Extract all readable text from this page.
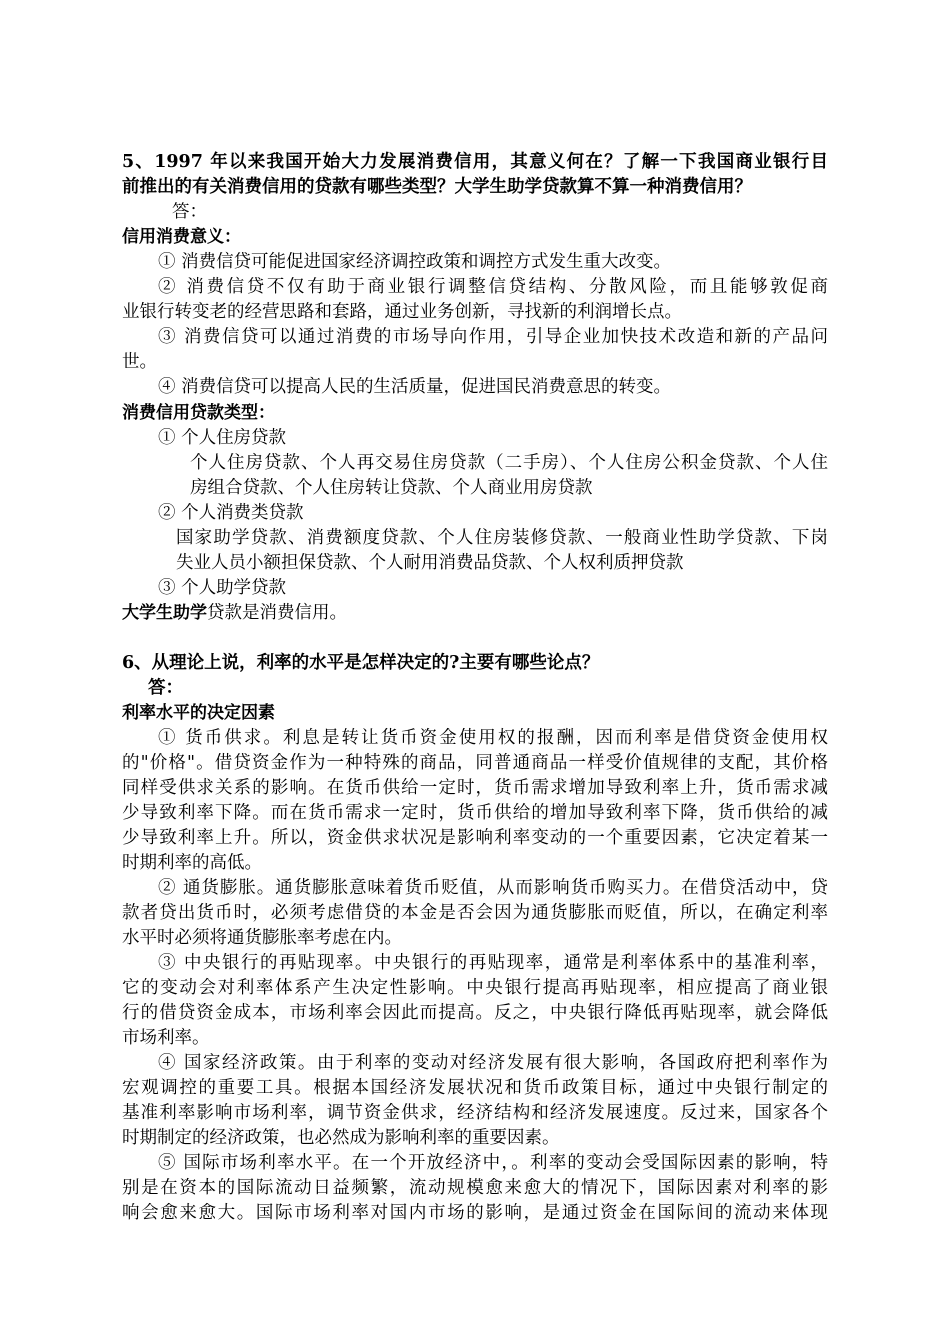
5、1997 年以来我国开始大力发展消费信用，其意义何在？了解一下我国商业银行目
前推出的有关消费信用的贷款有哪些类型？大学生助学贷款算不算一种消费信用？
答：
信用消费意义：
① 消费信贷可能促进国家经济调控政策和调控方式发生重大改变。
② 消费信贷不仅有助于商业银行调整信贷结构、分散风险，而且能够敦促商
业银行转变老的经营思路和套路，通过业务创新，寻找新的利润增长点。
③ 消费信贷可以通过消费的市场导向作用，引导企业加快技术改造和新的产品问
世。
④ 消费信贷可以提高人民的生活质量，促进国民消费意思的转变。
消费信用贷款类型：
① 个人住房贷款
个人住房贷款、个人再交易住房贷款（二手房）、个人住房公积金贷款、个人住
房组合贷款、个人住房转让贷款、个人商业用房贷款
② 个人消费类贷款
国家助学贷款、消费额度贷款、个人住房装修贷款、一般商业性助学贷款、下岗
失业人员小额担保贷款、个人耐用消费品贷款、个人权利质押贷款
③ 个人助学贷款
大学生助学贷款是消费信用。
6、从理论上说，利率的水平是怎样决定的?主要有哪些论点？
答：
利率水平的决定因素
① 货币供求。利息是转让货币资金使用权的报酬，因而利率是借贷资金使用权
的"价格"。借贷资金作为一种特殊的商品，同普通商品一样受价值规律的支配，其价格
同样受供求关系的影响。在货币供给一定时，货币需求增加导致利率上升，货币需求减
少导致利率下降。而在货币需求一定时，货币供给的增加导致利率下降，货币供给的减
少导致利率上升。所以，资金供求状况是影响利率变动的一个重要因素，它决定着某一
时期利率的高低。
② 通货膨胀。通货膨胀意味着货币贬值，从而影响货币购买力。在借贷活动中，贷
款者贷出货币时，必须考虑借贷的本金是否会因为通货膨胀而贬值，所以，在确定利率
水平时必须将通货膨胀率考虑在内。
③ 中央银行的再贴现率。中央银行的再贴现率，通常是利率体系中的基准利率，
它的变动会对利率体系产生决定性影响。中央银行提高再贴现率，相应提高了商业银
行的借贷资金成本，市场利率会因此而提高。反之，中央银行降低再贴现率，就会降低
市场利率。
④ 国家经济政策。由于利率的变动对经济发展有很大影响，各国政府把利率作为
宏观调控的重要工具。根据本国经济发展状况和货币政策目标，通过中央银行制定的
基准利率影响市场利率，调节资金供求，经济结构和经济发展速度。反过来，国家各个
时期制定的经济政策，也必然成为影响利率的重要因素。
⑤ 国际市场利率水平。在一个开放经济中，。利率的变动会受国际因素的影响，特
别是在资本的国际流动日益频繁，流动规模愈来愈大的情况下，国际因素对利率的影
响会愈来愈大。国际市场利率对国内市场的影响，是通过资金在国际间的流动来体现
